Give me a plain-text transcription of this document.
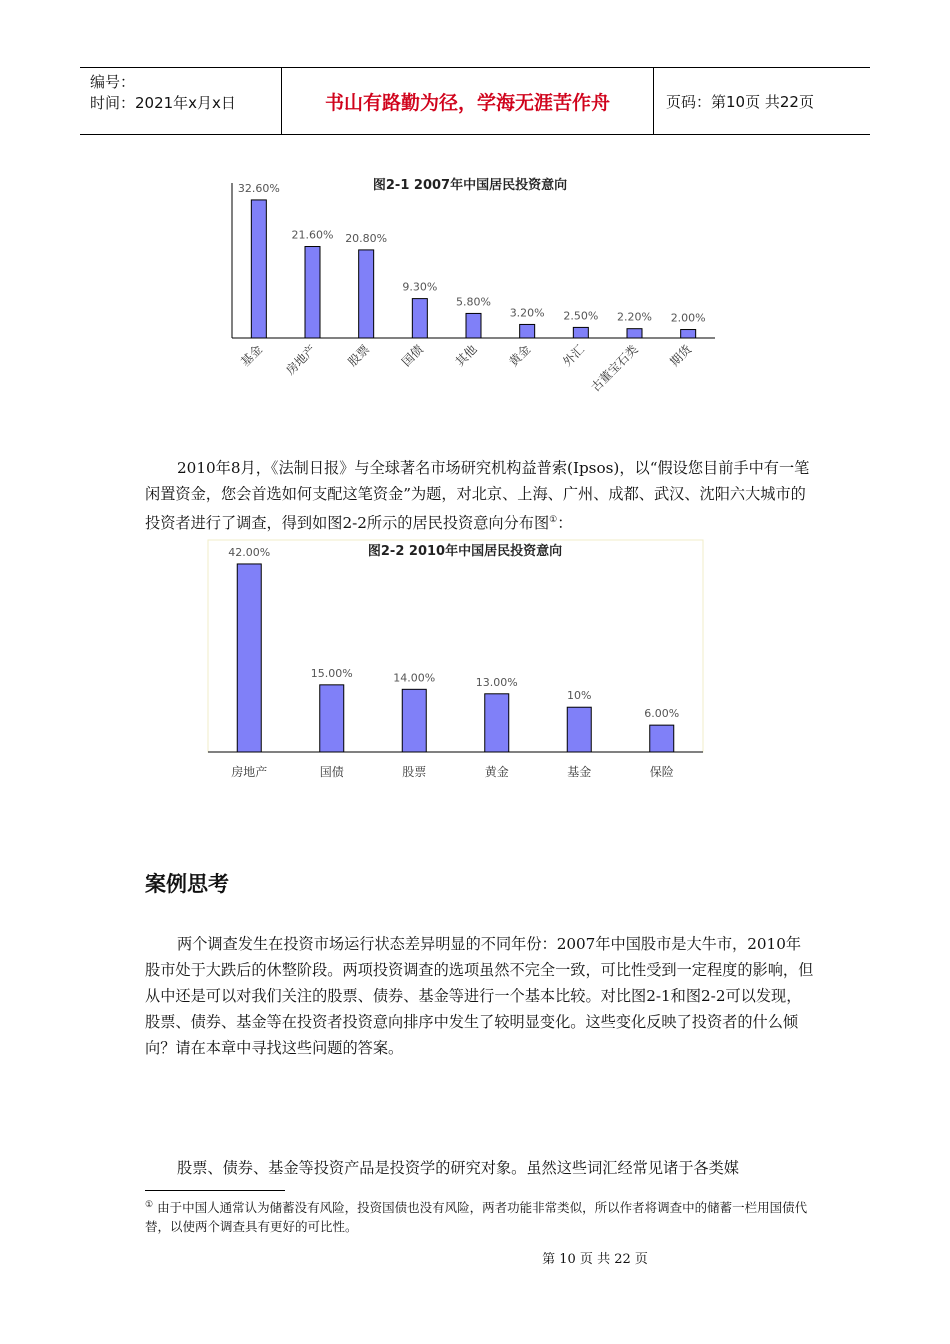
编号：
时间：2021年x月x日	书山有路勤为径，学海无涯苦作舟	页码：第10页 共22页
图2-1 2007年中国居民投资意向
32.60%
21.60% 20.80%
9.30%
5.80%
3.20% 2.50% 2.20% 2.00%
基金 房地产 股票 国债 其他 黄金 外汇 古董宝石类 期货

2010年8月，《法制日报》与全球著名市场研究机构益普索(Ipsos)，以“假设您目前手中有一笔闲置资金，您会首选如何支配这笔资金”为题，对北京、上海、广州、成都、武汉、沈阳六大城市的投资者进行了调查，得到如图2-2所示的居民投资意向分布图①：

图2-2 2010年中国居民投资意向
42.00%
15.00%	14.00%	13.00%
10%
6.00%
房地产	国债	股票	黄金	基金	保险
案例思考

两个调查发生在投资市场运行状态差异明显的不同年份：2007年中国股市是大牛市，2010年股市处于大跌后的休整阶段。两项投资调查的选项虽然不完全一致，可比性受到一定程度的影响，但从中还是可以对我们关注的股票、债券、基金等进行一个基本比较。对比图2-1和图2-2可以发现，股票、债券、基金等在投资者投资意向排序中发生了较明显变化。这些变化反映了投资者的什么倾向？请在本章中寻找这些问题的答案。

股票、债券、基金等投资产品是投资学的研究对象。虽然这些词汇经常见诸于各类媒

① 由于中国人通常认为储蓄没有风险，投资国债也没有风险，两者功能非常类似，所以作者将调查中的储蓄一栏用国债代替，以使两个调查具有更好的可比性。

第 10 页 共 22 页
